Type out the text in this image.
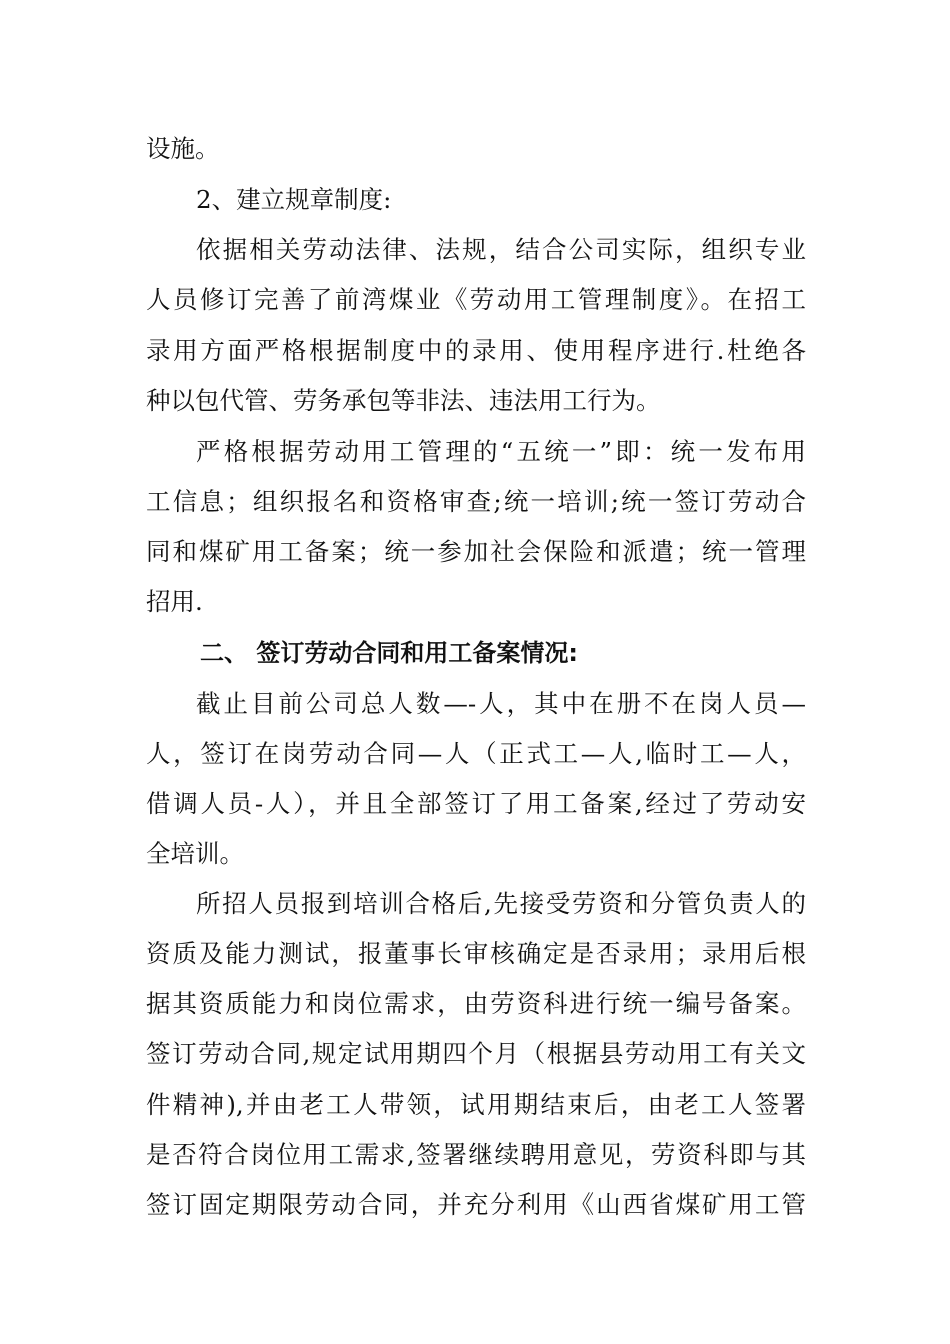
设施。
2、建立规章制度:
依据相关劳动法律、法规，结合公司实际，组织专业
人员修订完善了前湾煤业《劳动用工管理制度》。在招工
录用方面严格根据制度中的录用、使用程序进行.杜绝各
种以包代管、劳务承包等非法、违法用工行为。
严格根据劳动用工管理的“五统一”即：统一发布用
工信息；组织报名和资格审查;统一培训;统一签订劳动合
同和煤矿用工备案；统一参加社会保险和派遣；统一管理
招用.
二、 签订劳动合同和用工备案情况:
截止目前公司总人数—-人，其中在册不在岗人员—
人，签订在岗劳动合同—人（正式工—人,临时工—人，
借调人员-人），并且全部签订了用工备案,经过了劳动安
全培训。
所招人员报到培训合格后,先接受劳资和分管负责人的
资质及能力测试，报董事长审核确定是否录用；录用后根
据其资质能力和岗位需求，由劳资科进行统一编号备案。
签订劳动合同,规定试用期四个月（根据县劳动用工有关文
件精神),并由老工人带领，试用期结束后，由老工人签署
是否符合岗位用工需求,签署继续聘用意见，劳资科即与其
签订固定期限劳动合同，并充分利用《山西省煤矿用工管
